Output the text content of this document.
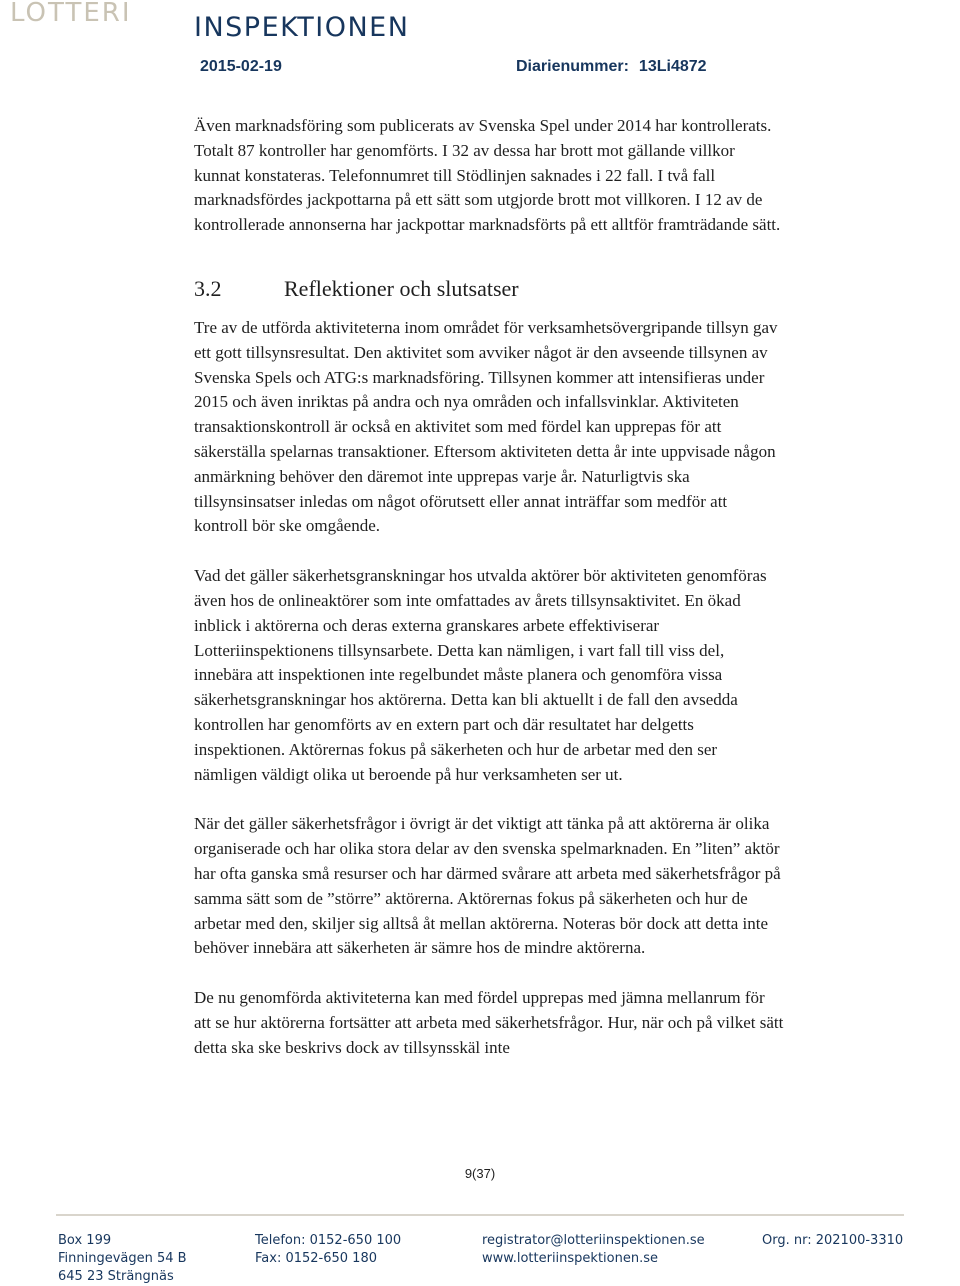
LOTTERI INSPEKTIONEN
2015-02-19	Diarienummer: 13Li4872

Även marknadsföring som publicerats av Svenska Spel under 2014 har kontrollerats. Totalt 87 kontroller har genomförts. I 32 av dessa har brott mot gällande villkor kunnat konstateras. Telefonnumret till Stödlinjen saknades i 22 fall. I två fall marknadsfördes jackpottarna på ett sätt som utgjorde brott mot villkoren. I 12 av de kontrollerade annonserna har jackpottar marknadsförts på ett alltför framträdande sätt.

3.2	Reflektioner och slutsatser

Tre av de utförda aktiviteterna inom området för verksamhetsövergripande tillsyn gav ett gott tillsynsresultat. Den aktivitet som avviker något är den avseende tillsynen av Svenska Spels och ATG:s marknadsföring. Tillsynen kommer att intensifieras under 2015 och även inriktas på andra och nya områden och infallsvinklar. Aktiviteten transaktionskontroll är också en aktivitet som med fördel kan upprepas för att säkerställa spelarnas transaktioner. Eftersom aktiviteten detta år inte uppvisade någon anmärkning behöver den däremot inte upprepas varje år. Naturligtvis ska tillsynsinsatser inledas om något oförutsett eller annat inträffar som medför att kontroll bör ske omgående.

Vad det gäller säkerhetsgranskningar hos utvalda aktörer bör aktiviteten genomföras även hos de onlineaktörer som inte omfattades av årets tillsynsaktivitet. En ökad inblick i aktörerna och deras externa granskares arbete effektiviserar Lotteriinspektionens tillsynsarbete. Detta kan nämligen, i vart fall till viss del, innebära att inspektionen inte regelbundet måste planera och genomföra vissa säkerhetsgranskningar hos aktörerna. Detta kan bli aktuellt i de fall den avsedda kontrollen har genomförts av en extern part och där resultatet har delgetts inspektionen. Aktörernas fokus på säkerheten och hur de arbetar med den ser nämligen väldigt olika ut beroende på hur verksamheten ser ut.

När det gäller säkerhetsfrågor i övrigt är det viktigt att tänka på att aktörerna är olika organiserade och har olika stora delar av den svenska spelmarknaden. En ”liten” aktör har ofta ganska små resurser och har därmed svårare att arbeta med säkerhetsfrågor på samma sätt som de ”större” aktörerna. Aktörernas fokus på säkerheten och hur de arbetar med den, skiljer sig alltså åt mellan aktörerna. Noteras bör dock att detta inte behöver innebära att säkerheten är sämre hos de mindre aktörerna.

De nu genomförda aktiviteterna kan med fördel upprepas med jämna mellanrum för att se hur aktörerna fortsätter att arbeta med säkerhetsfrågor. Hur, när och på vilket sätt detta ska ske beskrivs dock av tillsynsskäl inte

9(37)
Box 199
Finningevägen 54 B
645 23 Strängnäs
Telefon: 0152-650 100
Fax: 0152-650 180
registrator@lotteriinspektionen.se
www.lotteriinspektionen.se
Org. nr: 202100-3310
